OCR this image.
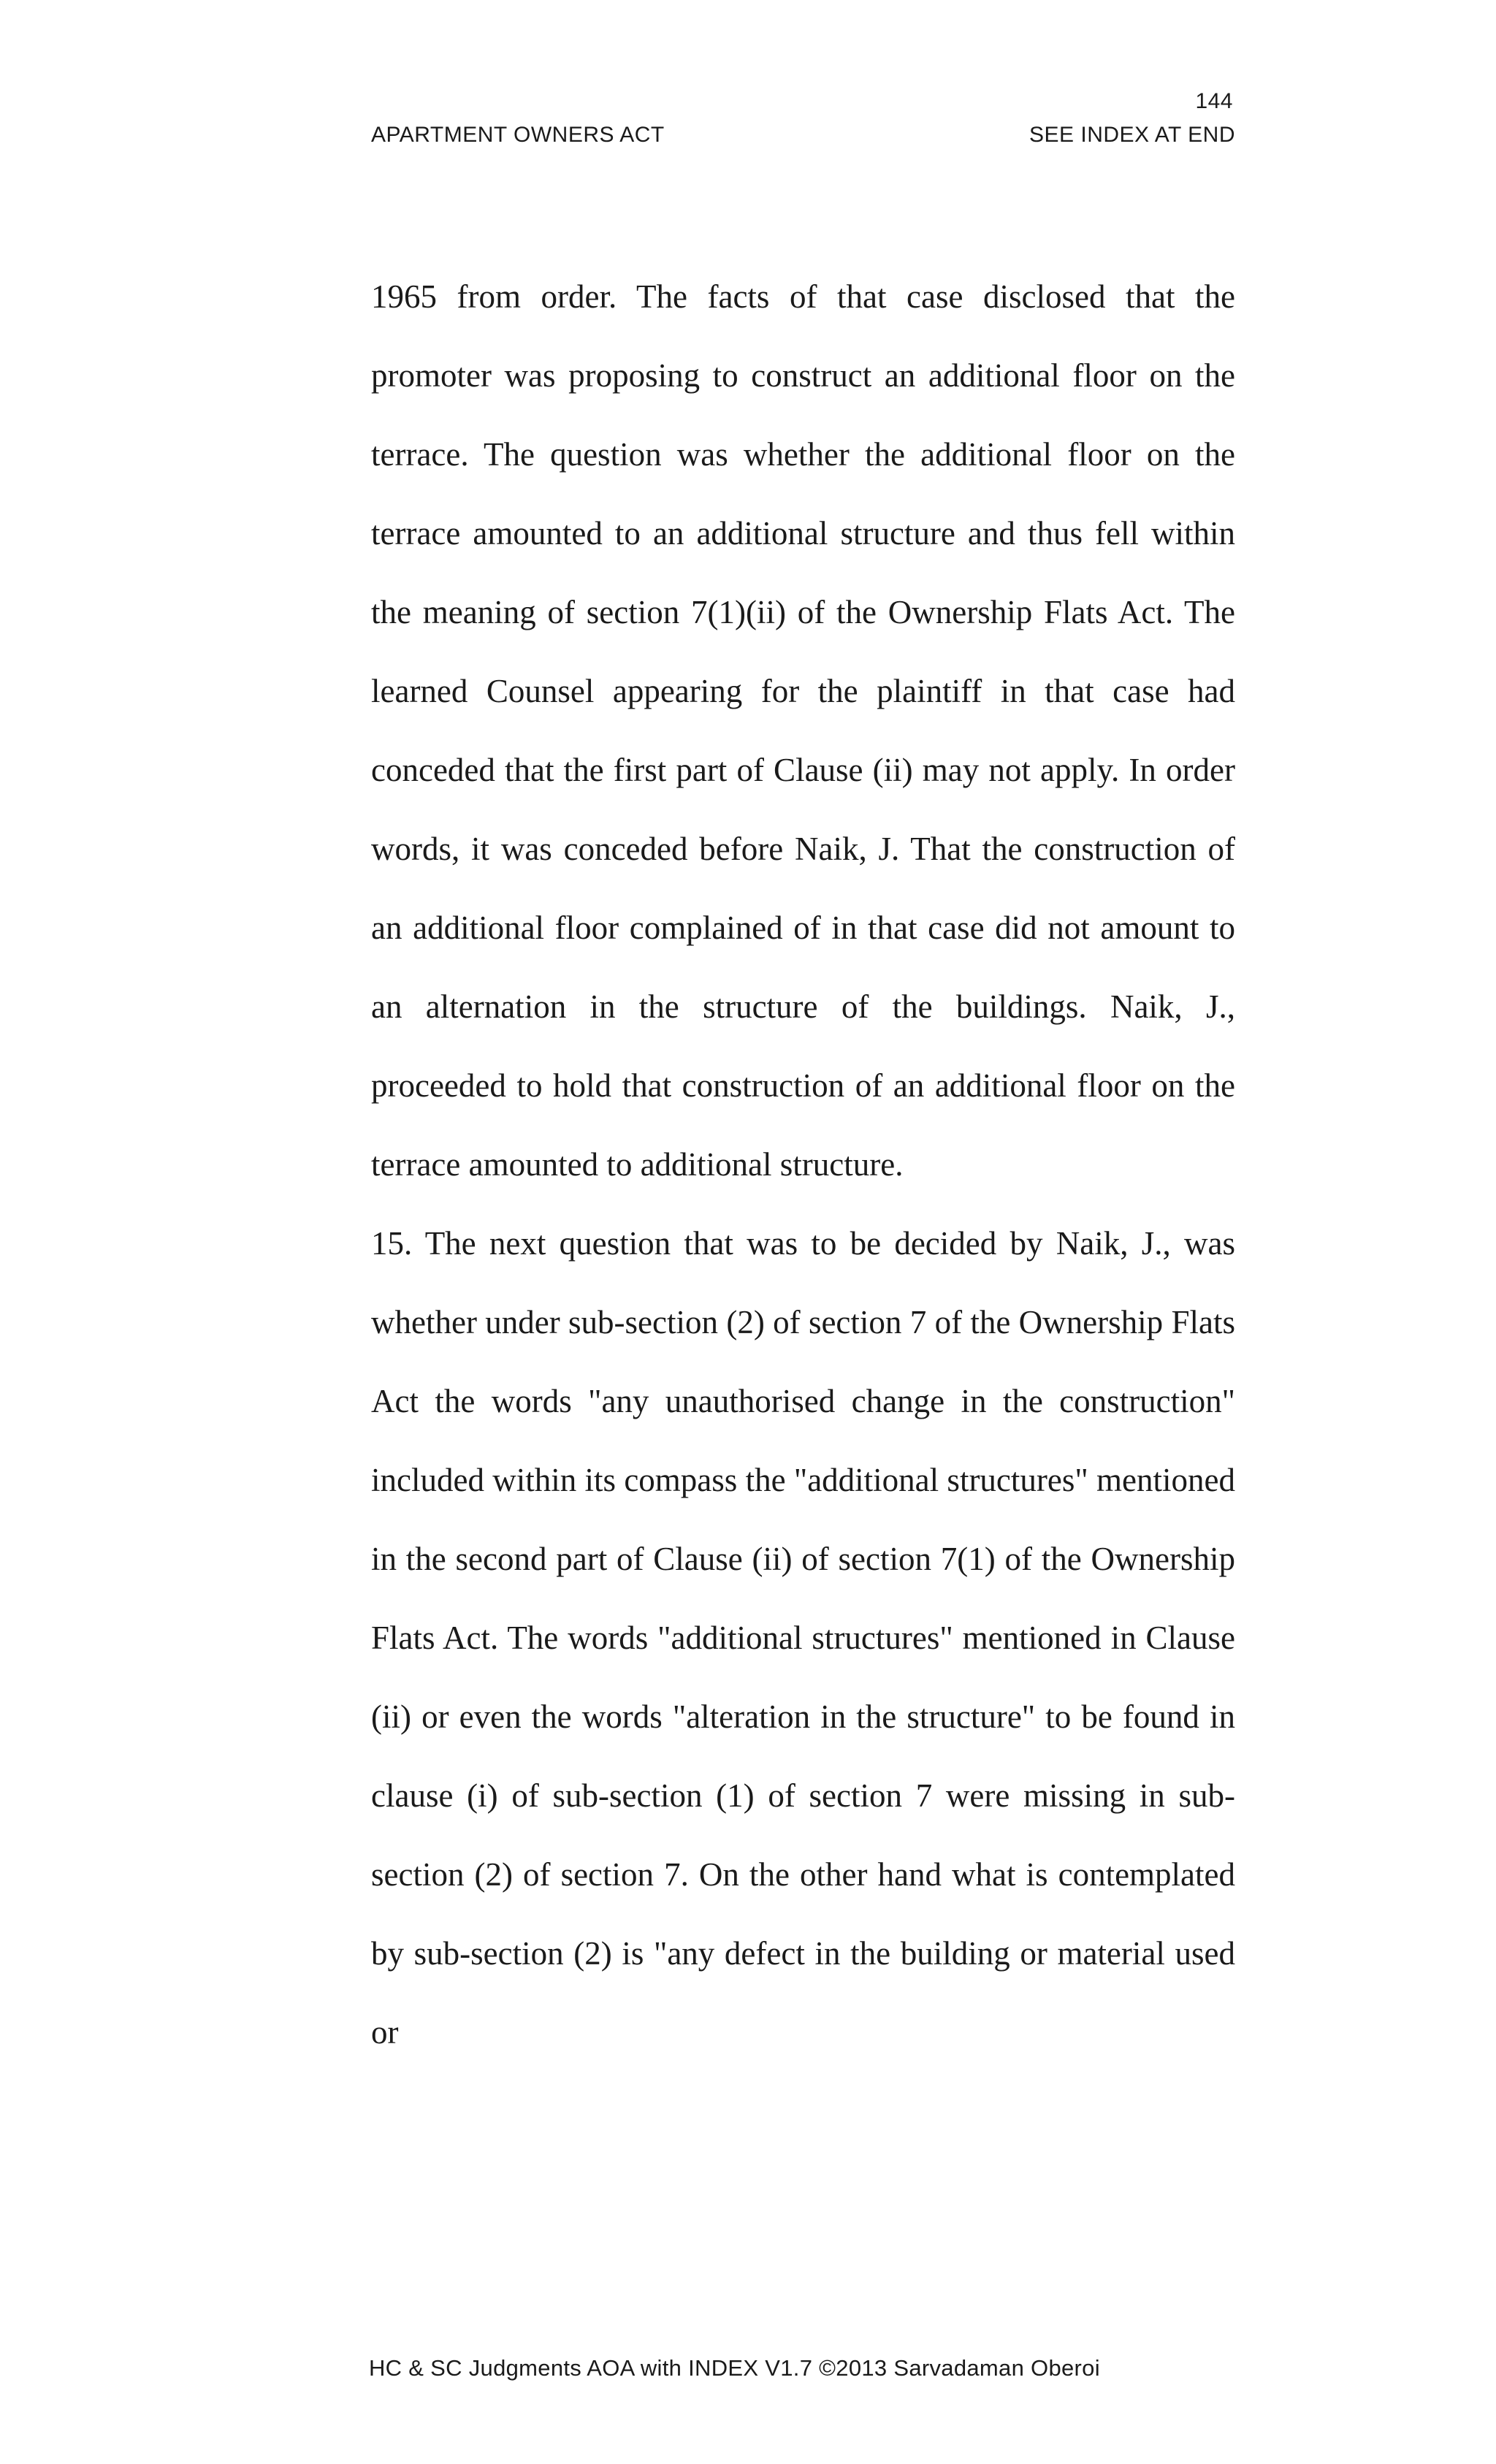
144
APARTMENT OWNERS ACT	SEE INDEX AT END

1965 from order. The facts of that case disclosed that the promoter was proposing to construct an additional floor on the terrace. The question was whether the additional floor on the terrace amounted to an additional structure and thus fell within the meaning of section 7(1)(ii) of the Ownership Flats Act. The learned Counsel appearing for the plaintiff in that case had conceded that the first part of Clause (ii) may not apply. In order words, it was conceded before Naik, J. That the construction of an additional floor complained of in that case did not amount to an alternation in the structure of the buildings. Naik, J., proceeded to hold that construction of an additional floor on the terrace amounted to additional structure.

15. The next question that was to be decided by Naik, J., was whether under sub-section (2) of section 7 of the Ownership Flats Act the words "any unauthorised change in the construction" included within its compass the "additional structures" mentioned in the second part of Clause (ii) of section 7(1) of the Ownership Flats Act. The words "additional structures" mentioned in Clause (ii) or even the words "alteration in the structure" to be found in clause (i) of sub-section (1) of section 7 were missing in sub-section (2) of section 7. On the other hand what is contemplated by sub-section (2) is "any defect in the building or material used or

HC & SC Judgments AOA with INDEX V1.7 ©2013 Sarvadaman Oberoi
